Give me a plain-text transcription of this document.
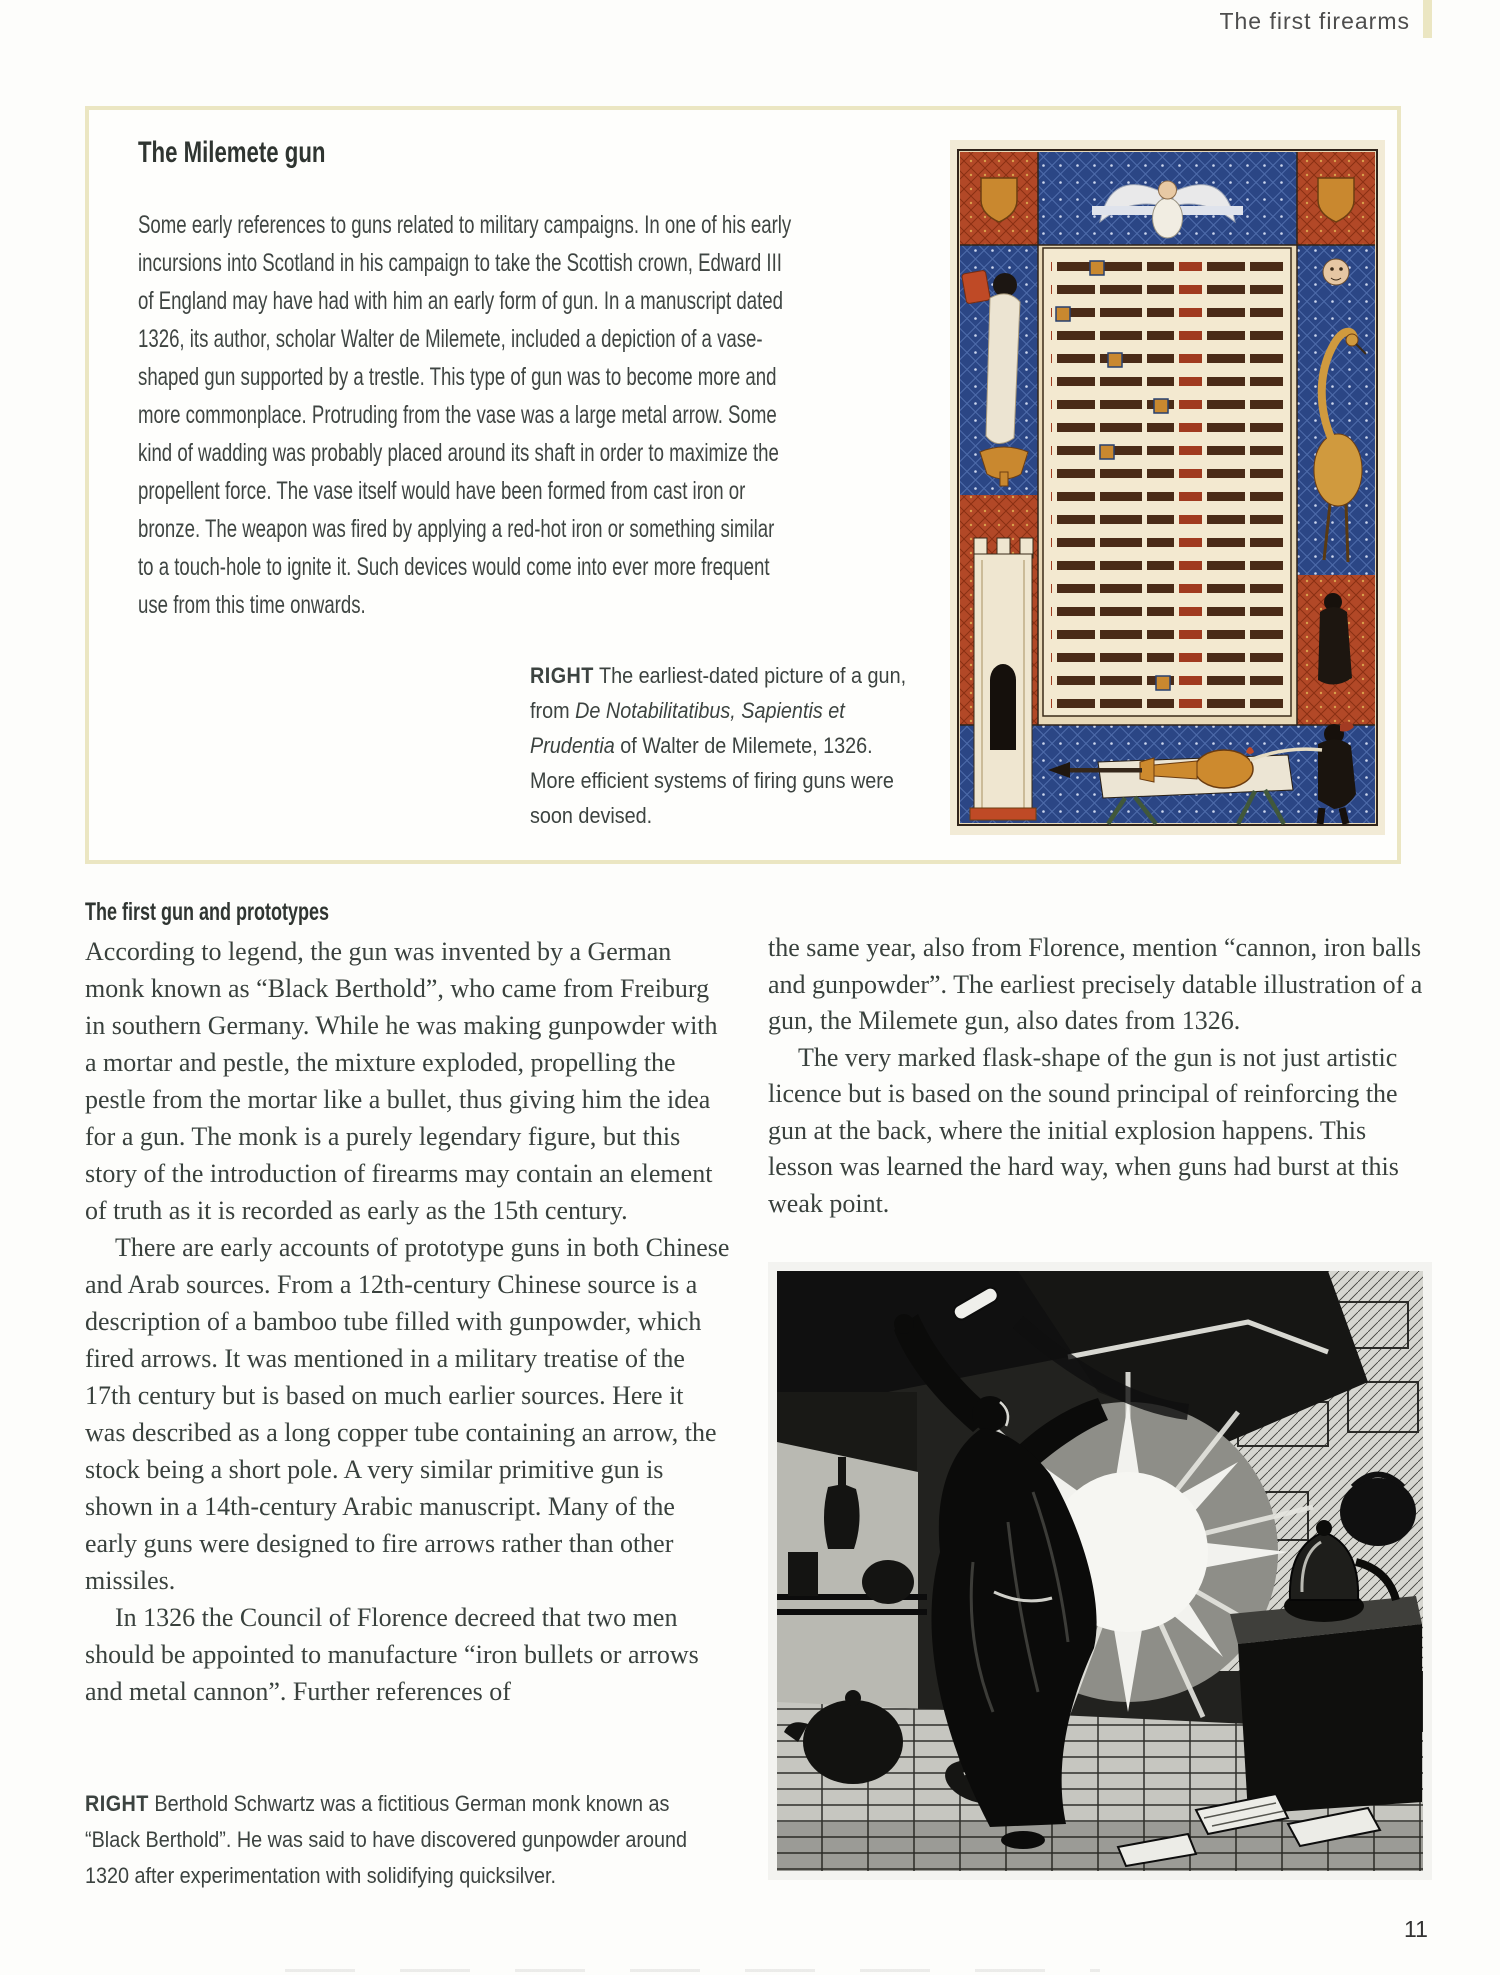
The first firearms
The Milemete gun
Some early references to guns related to military campaigns. In one of his early incursions into Scotland in his campaign to take the Scottish crown, Edward III of England may have had with him an early form of gun. In a manuscript dated 1326, its author, scholar Walter de Milemete, included a depiction of a vase-shaped gun supported by a trestle. This type of gun was to become more and more commonplace. Protruding from the vase was a large metal arrow. Some kind of wadding was probably placed around its shaft in order to maximize the propellent force. The vase itself would have been formed from cast iron or bronze. The weapon was fired by applying a red-hot iron or something similar to a touch-hole to ignite it. Such devices would come into ever more frequent use from this time onwards.
RIGHT The earliest-dated picture of a gun, from De Notabilitatibus, Sapientis et Prudentia of Walter de Milemete, 1326. More efficient systems of firing guns were soon devised.
The first gun and prototypes

According to legend, the gun was invented by a German monk known as “Black Berthold”, who came from Freiburg in southern Germany. While he was making gunpowder with a mortar and pestle, the mixture exploded, propelling the pestle from the mortar like a bullet, thus giving him the idea for a gun. The monk is a purely legendary figure, but this story of the introduction of firearms may contain an element of truth as it is recorded as early as the 15th century.

There are early accounts of prototype guns in both Chinese and Arab sources. From a 12th-century Chinese source is a description of a bamboo tube filled with gunpowder, which fired arrows. It was mentioned in a military treatise of the 17th century but is based on much earlier sources. Here it was described as a long copper tube containing an arrow, the stock being a short pole. A very similar primitive gun is shown in a 14th-century Arabic manuscript. Many of the early guns were designed to fire arrows rather than other missiles.

In 1326 the Council of Florence decreed that two men should be appointed to manufacture “iron bullets or arrows and metal cannon”. Further references of

the same year, also from Florence, mention “cannon, iron balls and gunpowder”. The earliest precisely datable illustration of a gun, the Milemete gun, also dates from 1326.

The very marked flask-shape of the gun is not just artistic licence but is based on the sound principal of reinforcing the gun at the back, where the initial explosion happens. This lesson was learned the hard way, when guns had burst at this weak point.

RIGHT Berthold Schwartz was a fictitious German monk known as “Black Berthold”. He was said to have discovered gunpowder around 1320 after experimentation with solidifying quicksilver.
11
